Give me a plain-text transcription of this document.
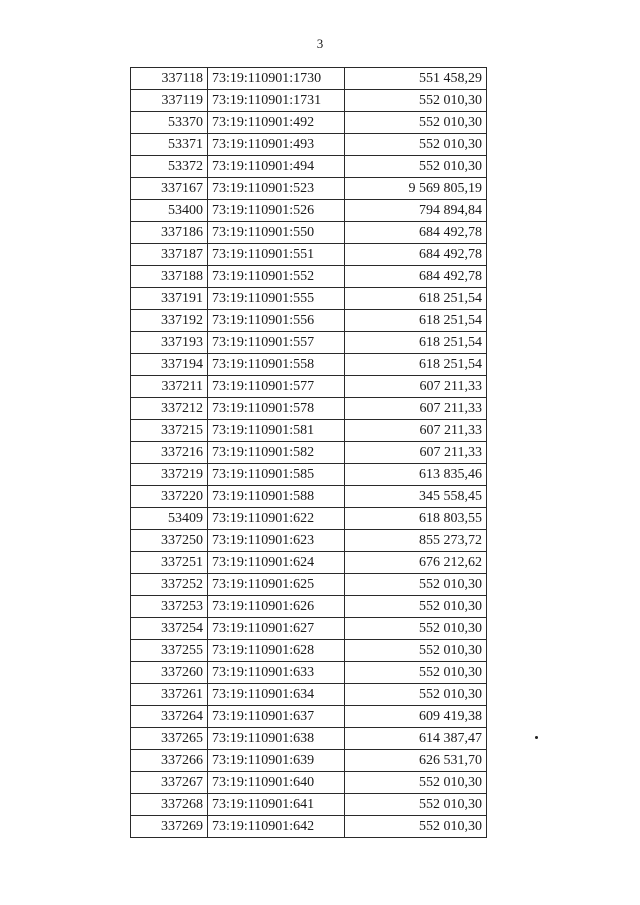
3
337118	73:19:110901:1730	551 458,29
337119	73:19:110901:1731	552 010,30
53370	73:19:110901:492	552 010,30
53371	73:19:110901:493	552 010,30
53372	73:19:110901:494	552 010,30
337167	73:19:110901:523	9 569 805,19
53400	73:19:110901:526	794 894,84
337186	73:19:110901:550	684 492,78
337187	73:19:110901:551	684 492,78
337188	73:19:110901:552	684 492,78
337191	73:19:110901:555	618 251,54
337192	73:19:110901:556	618 251,54
337193	73:19:110901:557	618 251,54
337194	73:19:110901:558	618 251,54
337211	73:19:110901:577	607 211,33
337212	73:19:110901:578	607 211,33
337215	73:19:110901:581	607 211,33
337216	73:19:110901:582	607 211,33
337219	73:19:110901:585	613 835,46
337220	73:19:110901:588	345 558,45
53409	73:19:110901:622	618 803,55
337250	73:19:110901:623	855 273,72
337251	73:19:110901:624	676 212,62
337252	73:19:110901:625	552 010,30
337253	73:19:110901:626	552 010,30
337254	73:19:110901:627	552 010,30
337255	73:19:110901:628	552 010,30
337260	73:19:110901:633	552 010,30
337261	73:19:110901:634	552 010,30
337264	73:19:110901:637	609 419,38
337265	73:19:110901:638	614 387,47
337266	73:19:110901:639	626 531,70
337267	73:19:110901:640	552 010,30
337268	73:19:110901:641	552 010,30
337269	73:19:110901:642	552 010,30
